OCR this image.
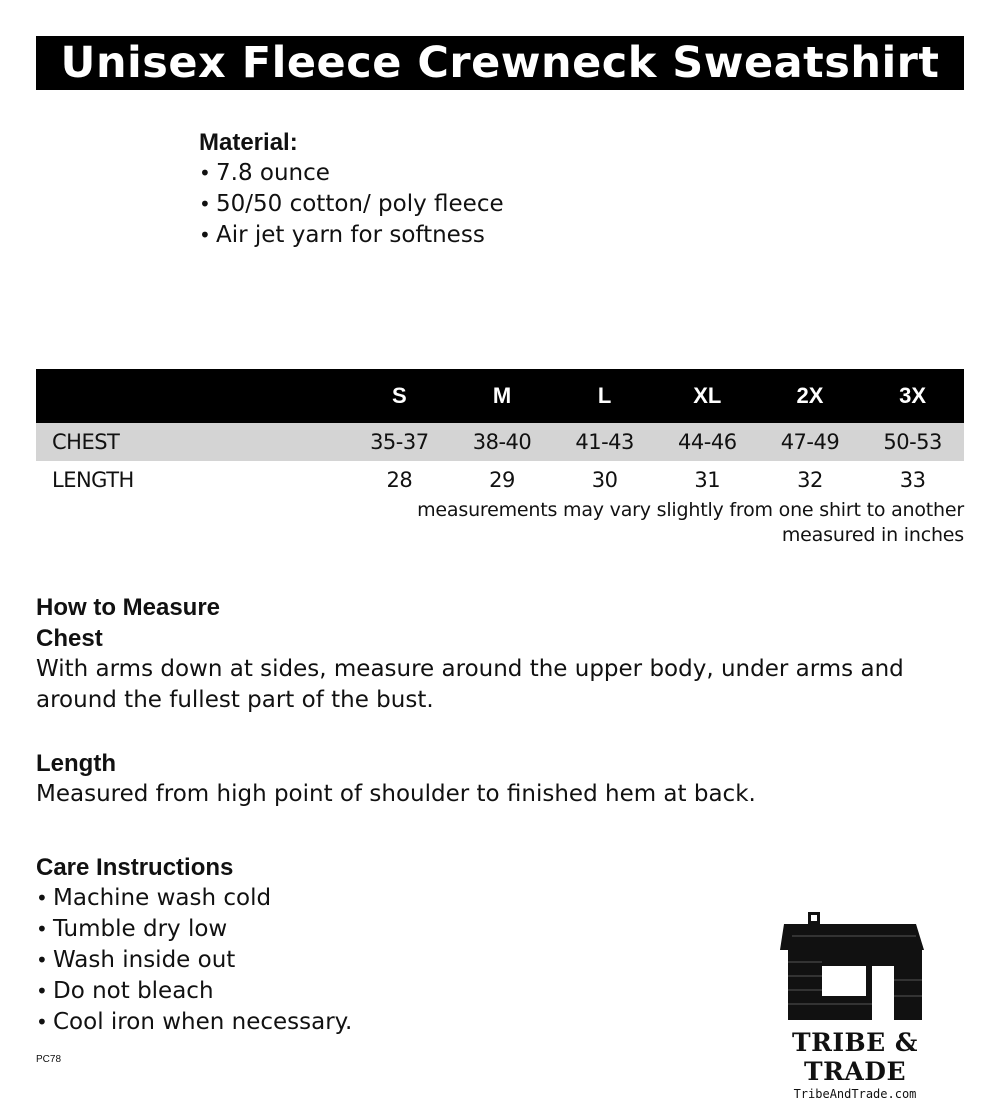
Unisex Fleece Crewneck Sweatshirt
Material:
• 7.8 ounce
• 50/50 cotton/ poly fleece
• Air jet yarn for softness
	S	M	L	XL	2X	3X
CHEST	35-37	38-40	41-43	44-46	47-49	50-53
LENGTH	28	29	30	31	32	33
measurements may vary slightly from one shirt to another
measured in inches
How to Measure
Chest
With arms down at sides, measure around the upper body, under arms and around the fullest part of the bust.
Length
Measured from high point of shoulder to finished hem at back.
Care Instructions
• Machine wash cold
• Tumble dry low
• Wash inside out
• Do not bleach
• Cool iron when necessary.
PC78
TRIBE & TRADE
TribeAndTrade.com
